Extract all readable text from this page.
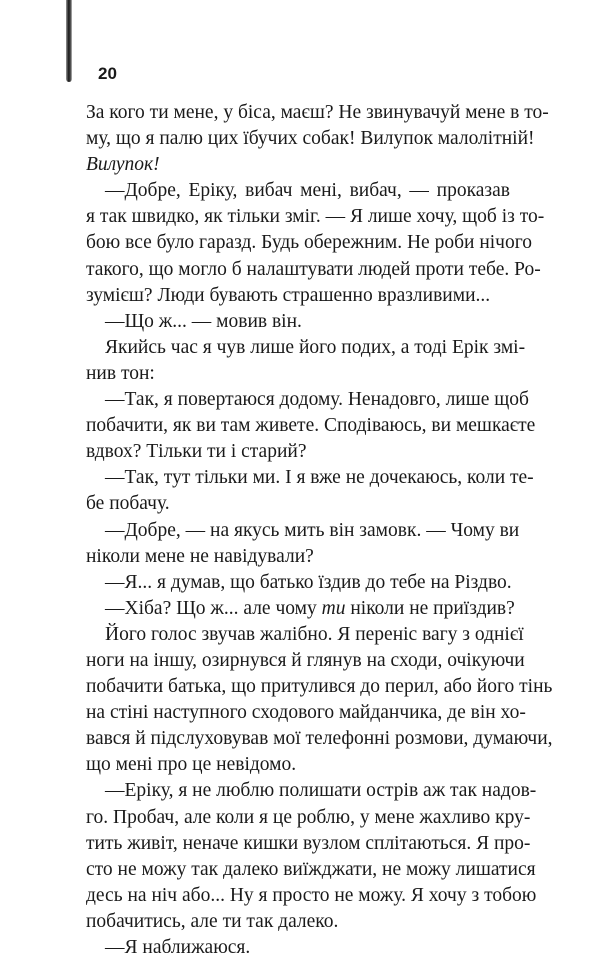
20

За кого ти мене, у біса, маєш? Не звинувачуй мене в то-
му, що я палю цих їбучих собак! Вилупок малолітній!
Вилупок!
—Добре, Еріку, вибач мені, вибач, — проказав
я так швидко, як тільки зміг. — Я лише хочу, щоб із то-
бою все було гаразд. Будь обережним. Не роби нічого
такого, що могло б налаштувати людей проти тебе. Ро-
зумієш? Люди бувають страшенно вразливими...
—Що ж... — мовив він.
Якийсь час я чув лише його подих, а тоді Ерік змі-
нив тон:
—Так, я повертаюся додому. Ненадовго, лише щоб
побачити, як ви там живете. Сподіваюсь, ви мешкаєте
вдвох? Тільки ти і старий?
—Так, тут тільки ми. І я вже не дочекаюсь, коли те-
бе побачу.
—Добре, — на якусь мить він замовк. — Чому ви
ніколи мене не навідували?
—Я... я думав, що батько їздив до тебе на Різдво.
—Хіба? Що ж... але чому ти ніколи не приїздив?
Його голос звучав жалібно. Я переніс вагу з однієї
ноги на іншу, озирнувся й глянув на сходи, очікуючи
побачити батька, що притулився до перил, або його тінь
на стіні наступного сходового майданчика, де він хо-
вався й підслуховував мої телефонні розмови, думаючи,
що мені про це невідомо.
—Еріку, я не люблю полишати острів аж так надов-
го. Пробач, але коли я це роблю, у мене жахливо кру-
тить живіт, неначе кишки вузлом сплітаються. Я про-
сто не можу так далеко виїжджати, не можу лишатися
десь на ніч або... Ну я просто не можу. Я хочу з тобою
побачитись, але ти так далеко.
—Я наближаюся.
